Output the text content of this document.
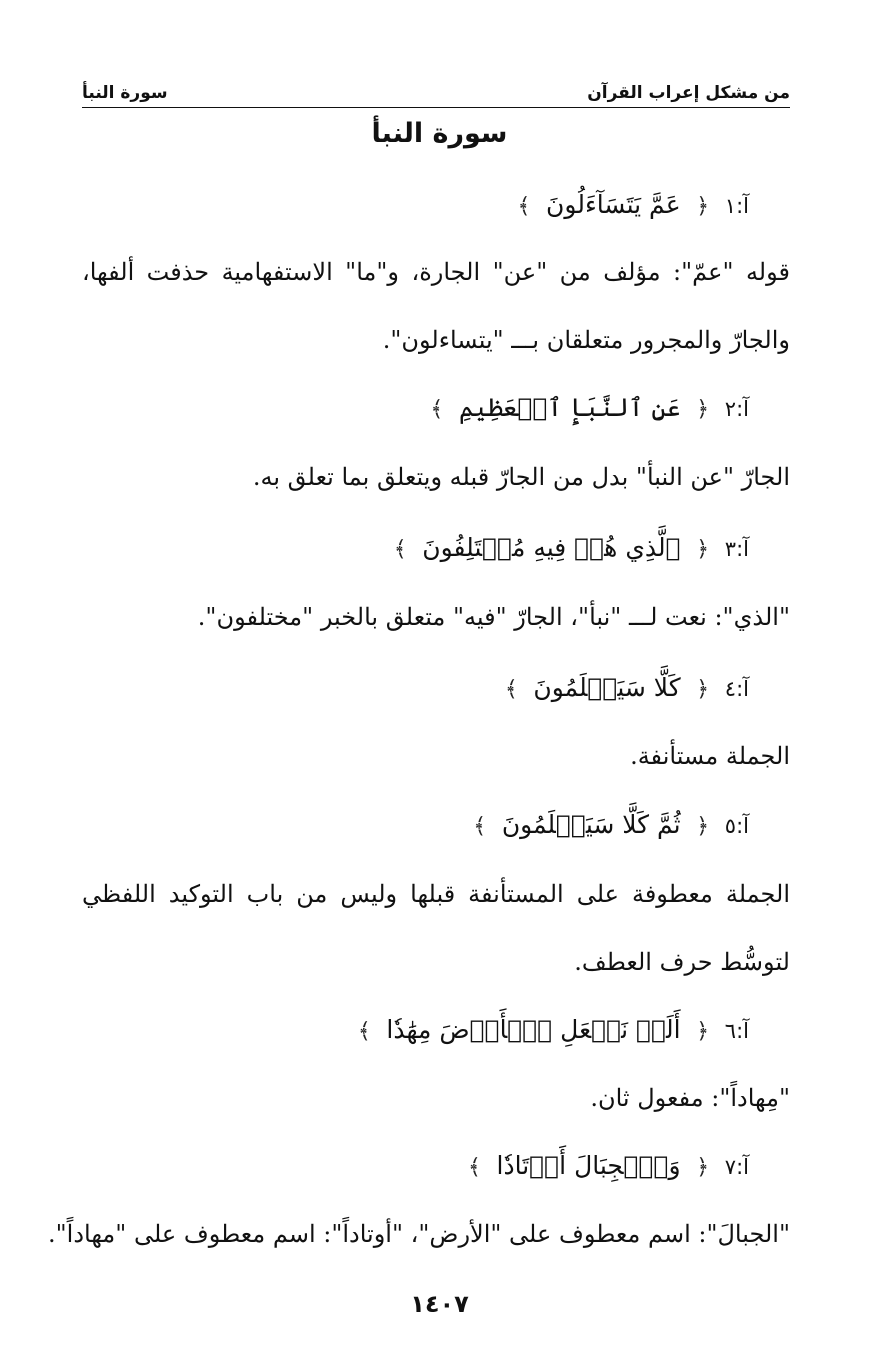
من مشكل إعراب القرآن
سورة النبأ
سورة النبأ
آ:١ ﴿ عَمَّ يَتَسَآءَلُونَ ﴾
قوله "عمّ": مؤلف من "عن" الجارة، و"ما" الاستفهامية حذفت ألفها،
والجارّ والمجرور متعلقان بـــ "يتساءلون".
آ:٢ ﴿ عَنِ ٱلنَّبَإِ ٱلۡعَظِيمِ ﴾
الجارّ "عن النبأ" بدل من الجارّ قبله ويتعلق بما تعلق به.
آ:٣ ﴿ ٱلَّذِي هُمۡ فِيهِ مُخۡتَلِفُونَ ﴾
"الذي": نعت لـــ "نبأ"، الجارّ "فيه" متعلق بالخبر "مختلفون".
آ:٤ ﴿ كَلَّا سَيَعۡلَمُونَ ﴾
الجملة مستأنفة.
آ:٥ ﴿ ثُمَّ كَلَّا سَيَعۡلَمُونَ ﴾
الجملة معطوفة على المستأنفة قبلها وليس من باب التوكيد اللفظي
لتوسُّط حرف العطف.
آ:٦ ﴿ أَلَمۡ نَجۡعَلِ ٱلۡأَرۡضَ مِهَٰدٗا ﴾
"مِهاداً": مفعول ثان.
آ:٧ ﴿ وَٱلۡجِبَالَ أَوۡتَادٗا ﴾
"الجبالَ": اسم معطوف على "الأرض"، "أوتاداً": اسم معطوف على "مهاداً".
١٤٠٧
